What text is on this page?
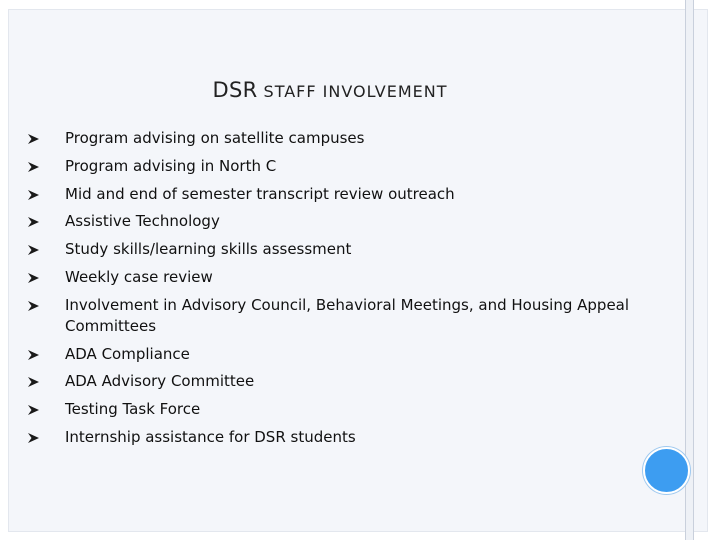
DSR STAFF INVOLVEMENT
Program advising on satellite campuses
Program advising in North C
Mid and end of semester transcript review outreach
Assistive Technology
Study skills/learning skills assessment
Weekly case review
Involvement in Advisory Council, Behavioral Meetings, and Housing Appeal Committees
ADA Compliance
ADA Advisory Committee
Testing Task Force
Internship assistance for DSR students
